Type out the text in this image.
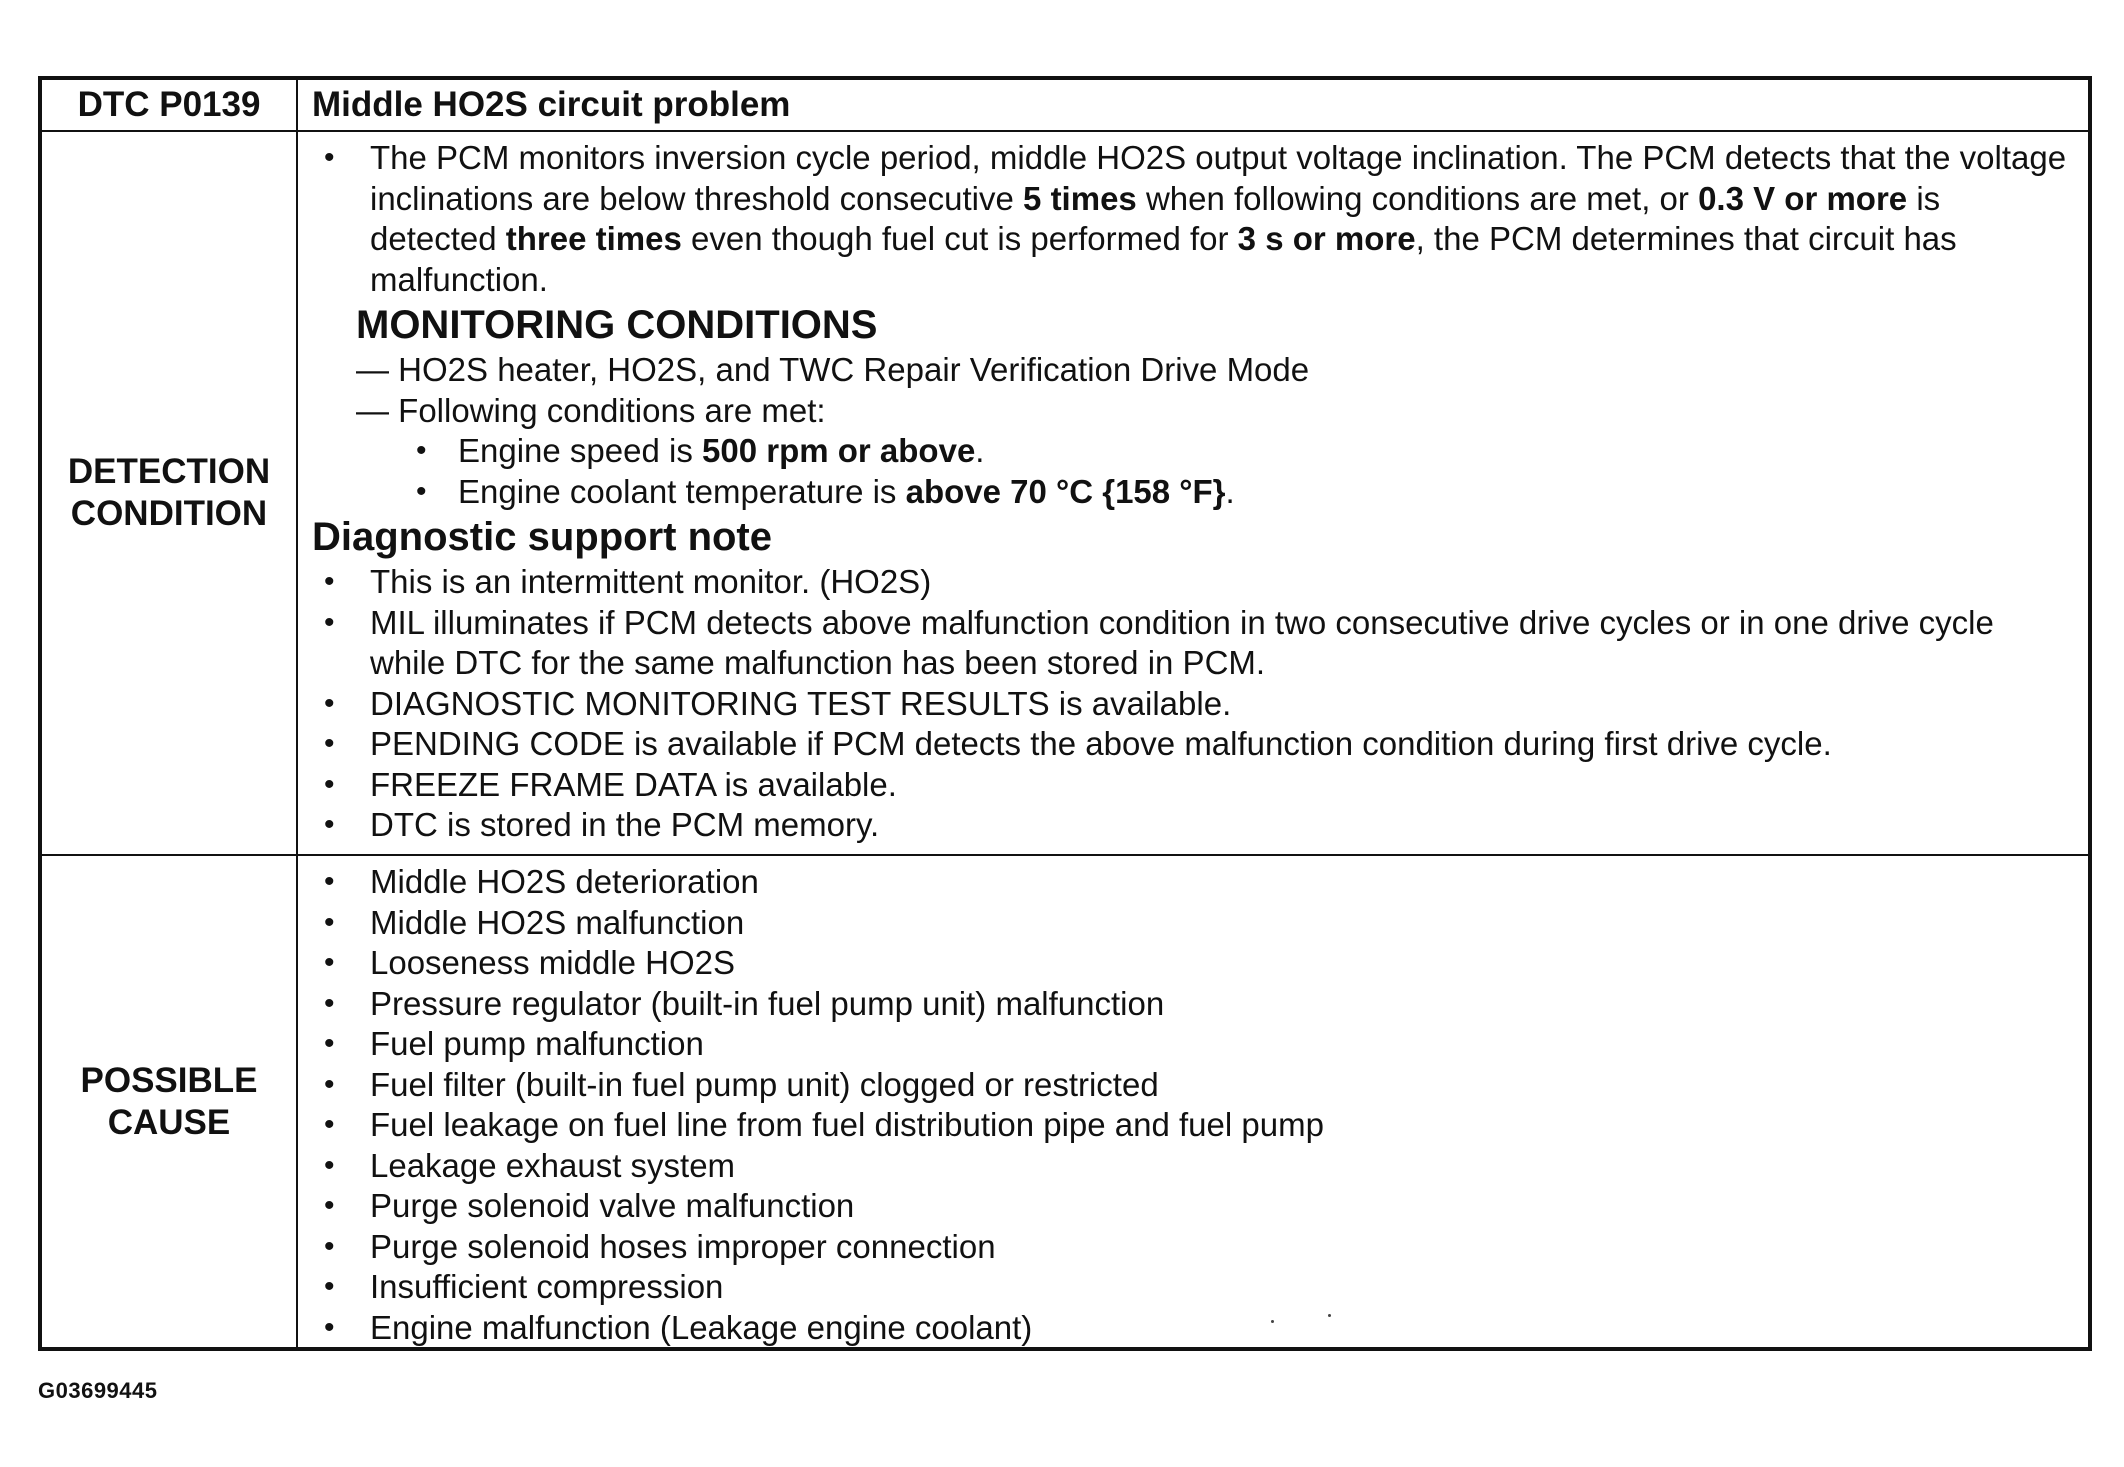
DTC P0139 Middle HO2S circuit problem
DETECTION
CONDITION
• The PCM monitors inversion cycle period, middle HO2S output voltage inclination. The PCM detects that the voltage inclinations are below threshold consecutive 5 times when following conditions are met, or 0.3 V or more is detected three times even though fuel cut is performed for 3 s or more, the PCM determines that circuit has malfunction.
MONITORING CONDITIONS
— HO2S heater, HO2S, and TWC Repair Verification Drive Mode
— Following conditions are met:
• Engine speed is 500 rpm or above.
• Engine coolant temperature is above 70 °C {158 °F}.
Diagnostic support note
• This is an intermittent monitor. (HO2S)
• MIL illuminates if PCM detects above malfunction condition in two consecutive drive cycles or in one drive cycle while DTC for the same malfunction has been stored in PCM.
• DIAGNOSTIC MONITORING TEST RESULTS is available.
• PENDING CODE is available if PCM detects the above malfunction condition during first drive cycle.
• FREEZE FRAME DATA is available.
• DTC is stored in the PCM memory.
POSSIBLE
CAUSE
• Middle HO2S deterioration
• Middle HO2S malfunction
• Looseness middle HO2S
• Pressure regulator (built-in fuel pump unit) malfunction
• Fuel pump malfunction
• Fuel filter (built-in fuel pump unit) clogged or restricted
• Fuel leakage on fuel line from fuel distribution pipe and fuel pump
• Leakage exhaust system
• Purge solenoid valve malfunction
• Purge solenoid hoses improper connection
• Insufficient compression
• Engine malfunction (Leakage engine coolant)
G03699445
